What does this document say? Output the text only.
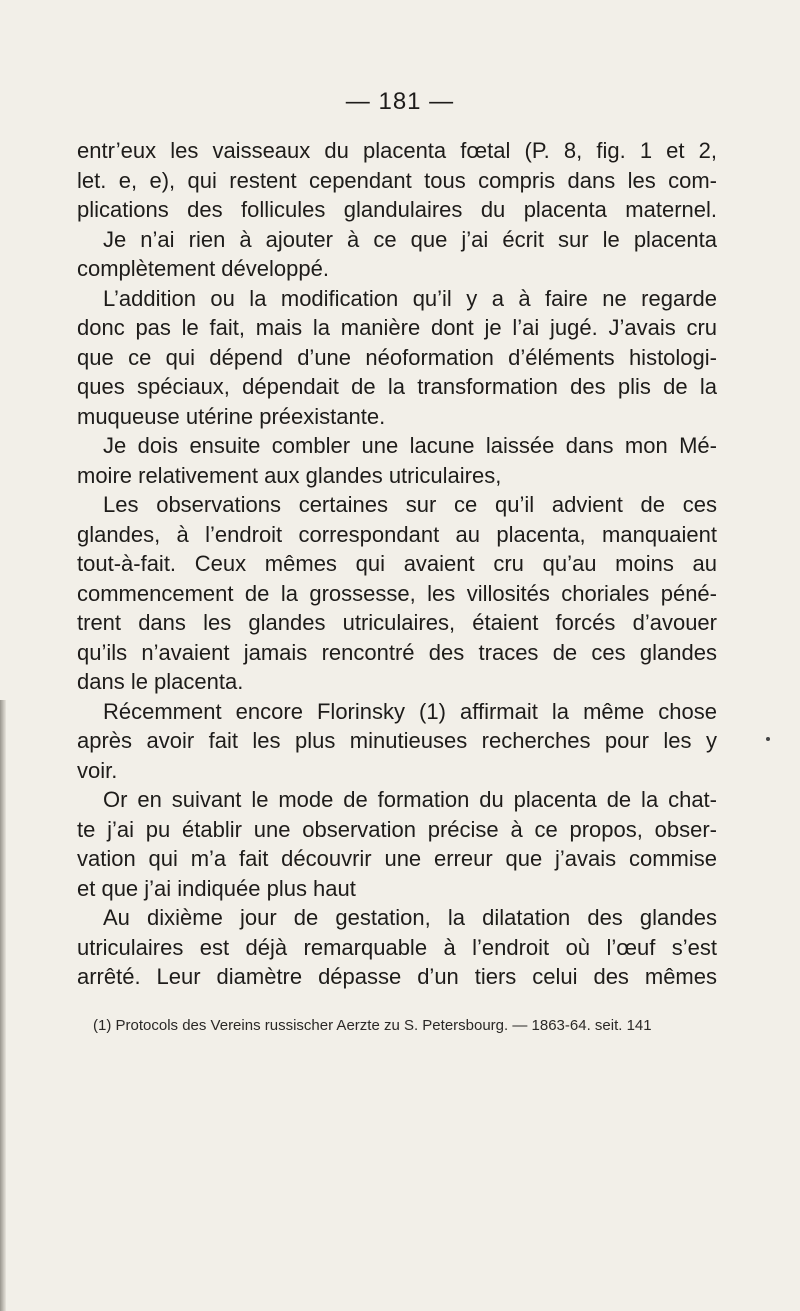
— 181 —
entr’eux les vaisseaux du placenta fœtal (P. 8, fig. 1 et 2,
let. e, e), qui restent cependant tous compris dans les com-
plications des follicules glandulaires du placenta maternel.
Je n’ai rien à ajouter à ce que j’ai écrit sur le placenta
complètement développé.
L’addition ou la modification qu’il y a à faire ne regarde
donc pas le fait, mais la manière dont je l’ai jugé. J’avais cru
que ce qui dépend d’une néoformation d’éléments histologi-
ques spéciaux, dépendait de la transformation des plis de la
muqueuse utérine préexistante.
Je dois ensuite combler une lacune laissée dans mon Mé-
moire relativement aux glandes utriculaires,
Les observations certaines sur ce qu’il advient de ces
glandes, à l’endroit correspondant au placenta, manquaient
tout-à-fait. Ceux mêmes qui avaient cru qu’au moins au
commencement de la grossesse, les villosités choriales péné-
trent dans les glandes utriculaires, étaient forcés d’avouer
qu’ils n’avaient jamais rencontré des traces de ces glandes
dans le placenta.
Récemment encore Florinsky (1) affirmait la même chose
après avoir fait les plus minutieuses recherches pour les y
voir.
Or en suivant le mode de formation du placenta de la chat-
te j’ai pu établir une observation précise à ce propos, obser-
vation qui m’a fait découvrir une erreur que j’avais commise
et que j’ai indiquée plus haut
Au dixième jour de gestation, la dilatation des glandes
utriculaires est déjà remarquable à l’endroit où l’œuf s’est
arrêté. Leur diamètre dépasse d’un tiers celui des mêmes
(1) Protocols des Vereins russischer Aerzte zu S. Petersbourg. — 1863-64. seit. 141
